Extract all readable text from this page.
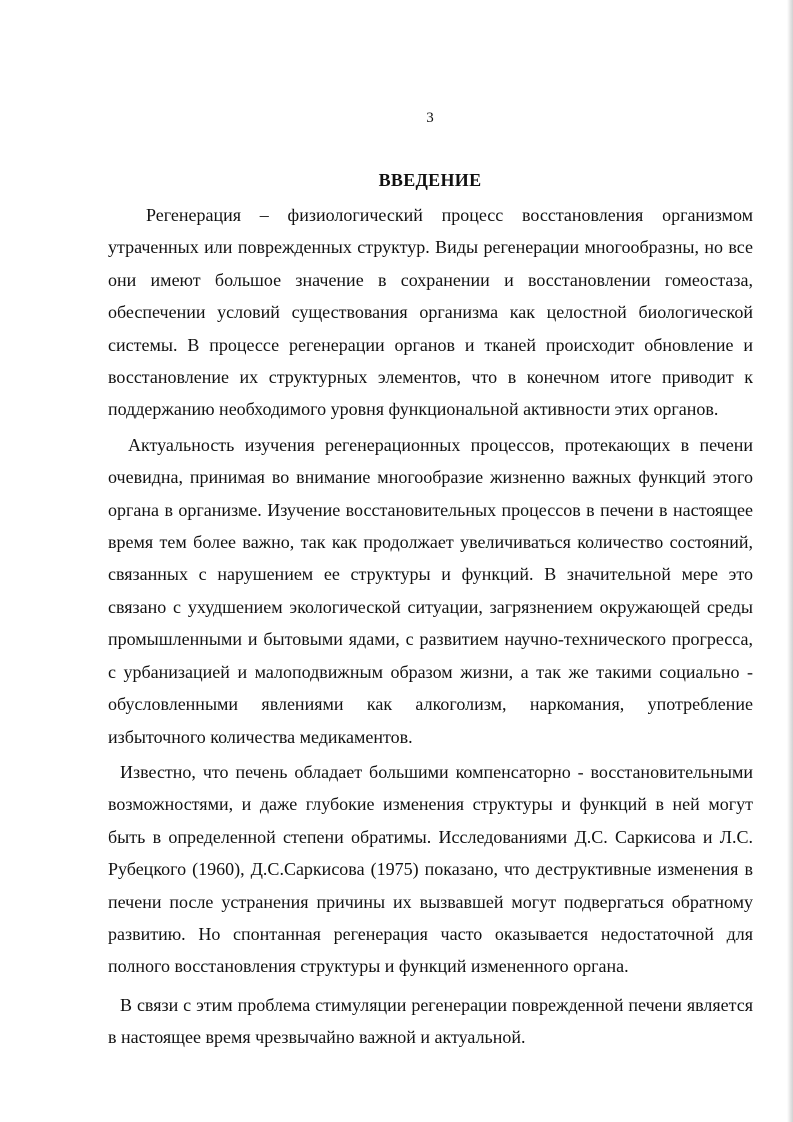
3
ВВЕДЕНИЕ

Регенерация – физиологический процесс восстановления организмом утраченных или поврежденных структур. Виды регенерации многообразны, но все они имеют большое значение в сохранении и восстановлении гомеостаза, обеспечении условий существования организма как целостной биологической системы. В процессе регенерации органов и тканей происходит обновление и восстановление их структурных элементов, что в конечном итоге приводит к поддержанию необходимого уровня функциональной активности этих органов.

Актуальность изучения регенерационных процессов, протекающих в печени очевидна, принимая во внимание многообразие жизненно важных функций этого органа в организме. Изучение восстановительных процессов в печени в настоящее время тем более важно, так как продолжает увеличиваться количество состояний, связанных с нарушением ее структуры и функций. В значительной мере это связано с ухудшением экологической ситуации, загрязнением окружающей среды промышленными и бытовыми ядами, с развитием научно-технического прогресса, с урбанизацией и малоподвижным образом жизни, а так же такими социально - обусловленными явлениями как алкоголизм, наркомания, употребление избыточного количества медикаментов.

Известно, что печень обладает большими компенсаторно - восстановительными возможностями, и даже глубокие изменения структуры и функций в ней могут быть в определенной степени обратимы. Исследованиями Д.С. Саркисова и Л.С. Рубецкого (1960), Д.С.Саркисова (1975) показано, что деструктивные изменения в печени после устранения причины их вызвавшей могут подвергаться обратному развитию. Но спонтанная регенерация часто оказывается недостаточной для полного восстановления структуры и функций измененного органа.

В связи с этим проблема стимуляции регенерации поврежденной печени является в настоящее время чрезвычайно важной и актуальной.
